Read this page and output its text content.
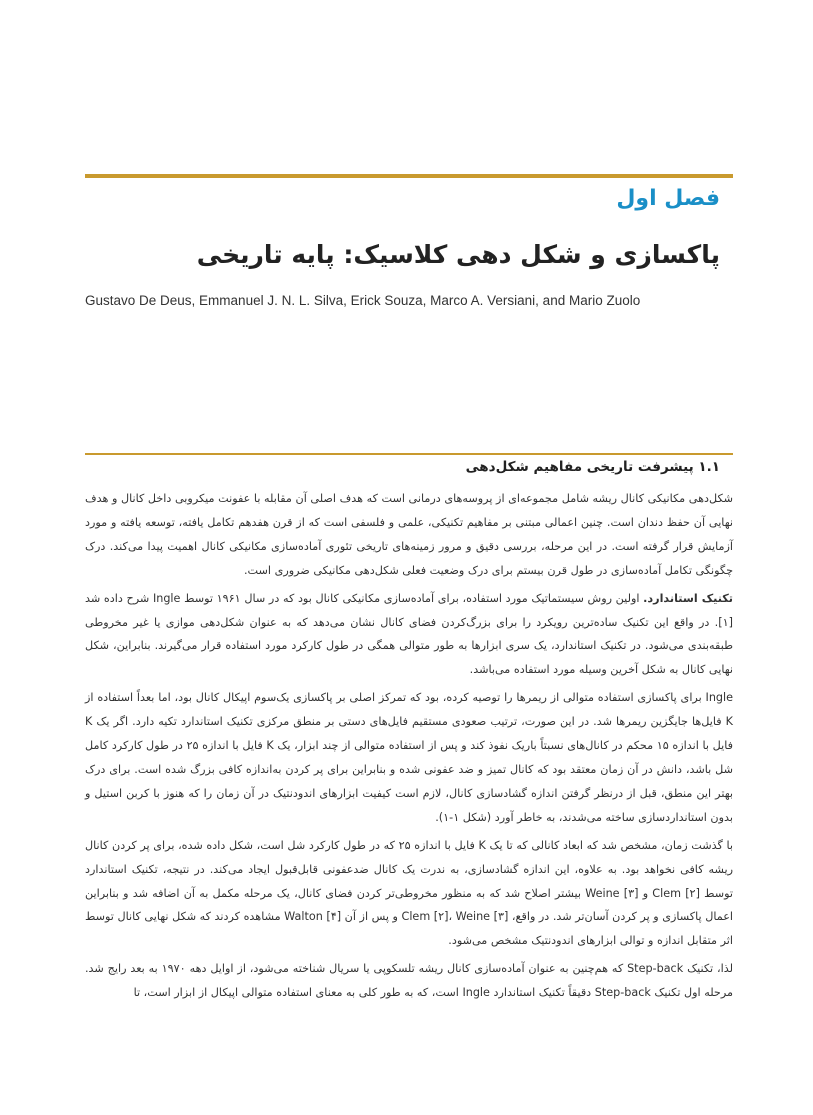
فصل اول
پاکسازی و شکل دهی کلاسیک: پایه تاریخی
Gustavo De Deus, Emmanuel J. N. L. Silva, Erick Souza, Marco A. Versiani, and Mario Zuolo
۱.۱ پیشرفت تاریخی مفاهیم شکل‌دهی

شکل‌دهی مکانیکی کانال ریشه شامل مجموعه‌ای از پروسه‌های درمانی است که هدف اصلی آن مقابله با عفونت میکروبی داخل کانال و هدف نهایی آن حفظ دندان است. چنین اعمالی مبتنی بر مفاهیم تکنیکی، علمی و فلسفی است که از قرن هفدهم تکامل یافته، توسعه یافته و مورد آزمایش قرار گرفته است. در این مرحله، بررسی دقیق و مرور زمینه‌های تاریخی تئوری آماده‌سازی مکانیکی کانال اهمیت پیدا می‌کند. درک چگونگی تکامل آماده‌سازی در طول قرن بیستم برای درک وضعیت فعلی شکل‌دهی مکانیکی ضروری است.

تکنیک استاندارد. اولین روش سیستماتیک مورد استفاده، برای آماده‌سازی مکانیکی کانال بود که در سال ۱۹۶۱ توسط Ingle شرح داده شد [۱]. در واقع این تکنیک ساده‌ترین رویکرد را برای بزرگ‌کردن فضای کانال نشان می‌دهد که به عنوان شکل‌دهی موازی یا غیر مخروطی طبقه‌بندی می‌شود. در تکنیک استاندارد، یک سری ابزارها به طور متوالی همگی در طول کارکرد مورد استفاده قرار می‌گیرند. بنابراین، شکل نهایی کانال به شکل آخرین وسیله مورد استفاده می‌باشد.

Ingle برای پاکسازی استفاده متوالی از ریمرها را توصیه کرده، بود که تمرکز اصلی بر پاکسازی یک‌سوم اپیکال کانال بود، اما بعداً استفاده از K فایل‌ها جایگزین ریمرها شد. در این صورت، ترتیب صعودی مستقیم فایل‌های دستی بر منطق مرکزی تکنیک استاندارد تکیه دارد. اگر یک K فایل با اندازه ۱۵ محکم در کانال‌های نسبتاً باریک نفوذ کند و پس از استفاده متوالی از چند ابزار، یک K فایل با اندازه ۲۵ در طول کارکرد کامل شل باشد، دانش در آن زمان معتقد بود که کانال تمیز و ضد عفونی شده و بنابراین برای پر کردن به‌اندازه کافی بزرگ شده است. برای درک بهتر این منطق، قبل از درنظر گرفتن اندازه گشادسازی کانال، لازم است کیفیت ابزارهای اندودنتیک در آن زمان را که هنوز با کربن استیل و بدون استانداردسازی ساخته می‌شدند، به خاطر آورد (شکل ۱-۱).

با گذشت زمان، مشخص شد که ابعاد کانالی که تا یک K فایل با اندازه ۲۵ که در طول کارکرد شل است، شکل داده شده، برای پر کردن کانال ریشه کافی نخواهد بود. به علاوه، این اندازه گشادسازی، به ندرت یک کانال ضدعفونی قابل‌قبول ایجاد می‌کند. در نتیجه، تکنیک استاندارد توسط Clem [۲] و Weine [۳] بیشتر اصلاح شد که به منظور مخروطی‌تر کردن فضای کانال، یک مرحله مکمل به آن اضافه شد و بنابراین اعمال پاکسازی و پر کردن آسان‌تر شد. در واقع، Clem [۲]، Weine [۳] و پس از آن Walton [۴] مشاهده کردند که شکل نهایی کانال توسط اثر متقابل اندازه و توالی ابزارهای اندودنتیک مشخص می‌شود.

لذا، تکنیک Step-back که هم‌چنین به عنوان آماده‌سازی کانال ریشه تلسکوپی یا سریال شناخته می‌شود، از اوایل دهه ۱۹۷۰ به بعد رایج شد. مرحله اول تکنیک Step-back دقیقاً تکنیک استاندارد Ingle است، که به طور کلی به معنای استفاده متوالی اپیکال از ابزار است، تا
